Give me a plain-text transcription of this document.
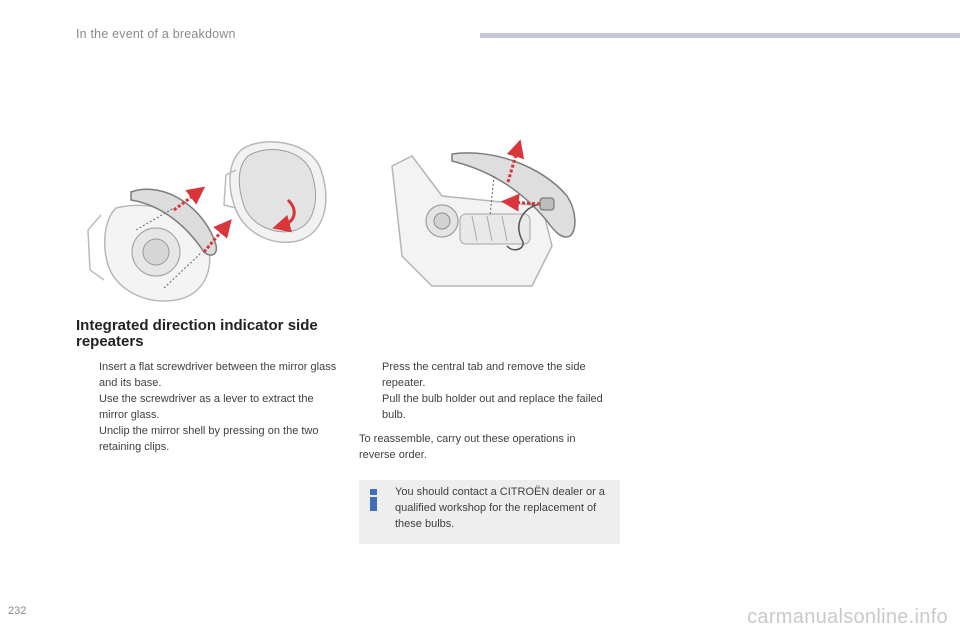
In the event of a breakdown
Integrated direction indicator side repeaters
Insert a flat screwdriver between the mirror glass and its base.
Use the screwdriver as a lever to extract the mirror glass.
Unclip the mirror shell by pressing on the two retaining clips.
Press the central tab and remove the side repeater.
Pull the bulb holder out and replace the failed bulb.
To reassemble, carry out these operations in reverse order.
You should contact a CITROËN dealer or a qualified workshop for the replacement of these bulbs.
232	carmanualsonline.info
